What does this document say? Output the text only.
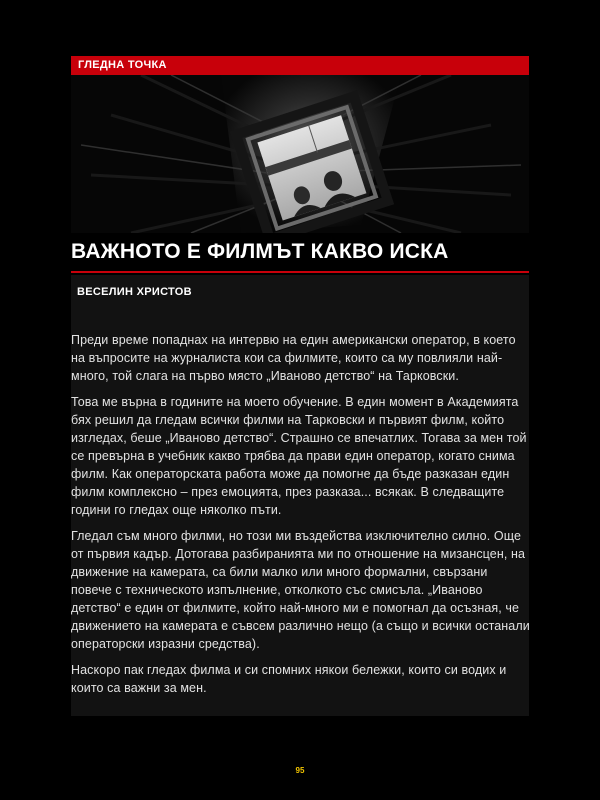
ГЛЕДНА ТОЧКА
ВАЖНОТО Е ФИЛМЪТ КАКВО ИСКА
ВЕСЕЛИН ХРИСТОВ

Преди време попаднах на интервю на един американски оператор, в което на въпросите на журналиста кои са филмите, които са му повлияли най-много, той слага на първо място „Иваново детство“ на Тарковски.

Това ме върна в годините на моето обучение. В един момент в Академията бях решил да гледам всички филми на Тарковски и първият филм, който изгледах, беше „Иваново детство“. Страшно се впечатлих. Тогава за мен той се превърна в учебник какво трябва да прави един оператор, когато снима филм. Как операторската работа може да помогне да бъде разказан един филм комплексно – през емоцията, през разказа... всякак. В следващите години го гледах още няколко пъти.

Гледал съм много филми, но този ми въздейства изключително силно. Още от първия кадър. Дотогава разбиранията ми по отношение на мизансцен, на движение на камерата, са били малко или много формални, свързани повече с техническото изпълнение, отколкото със смисъла. „Иваново детство“ е един от филмите, който най-много ми е помогнал да осъзная, че движението на камерата е съвсем различно нещо (а също и всички останали операторски изразни средства).

Наскоро пак гледах филма и си спомних някои бележки, които си водих и които са важни за мен.

95
